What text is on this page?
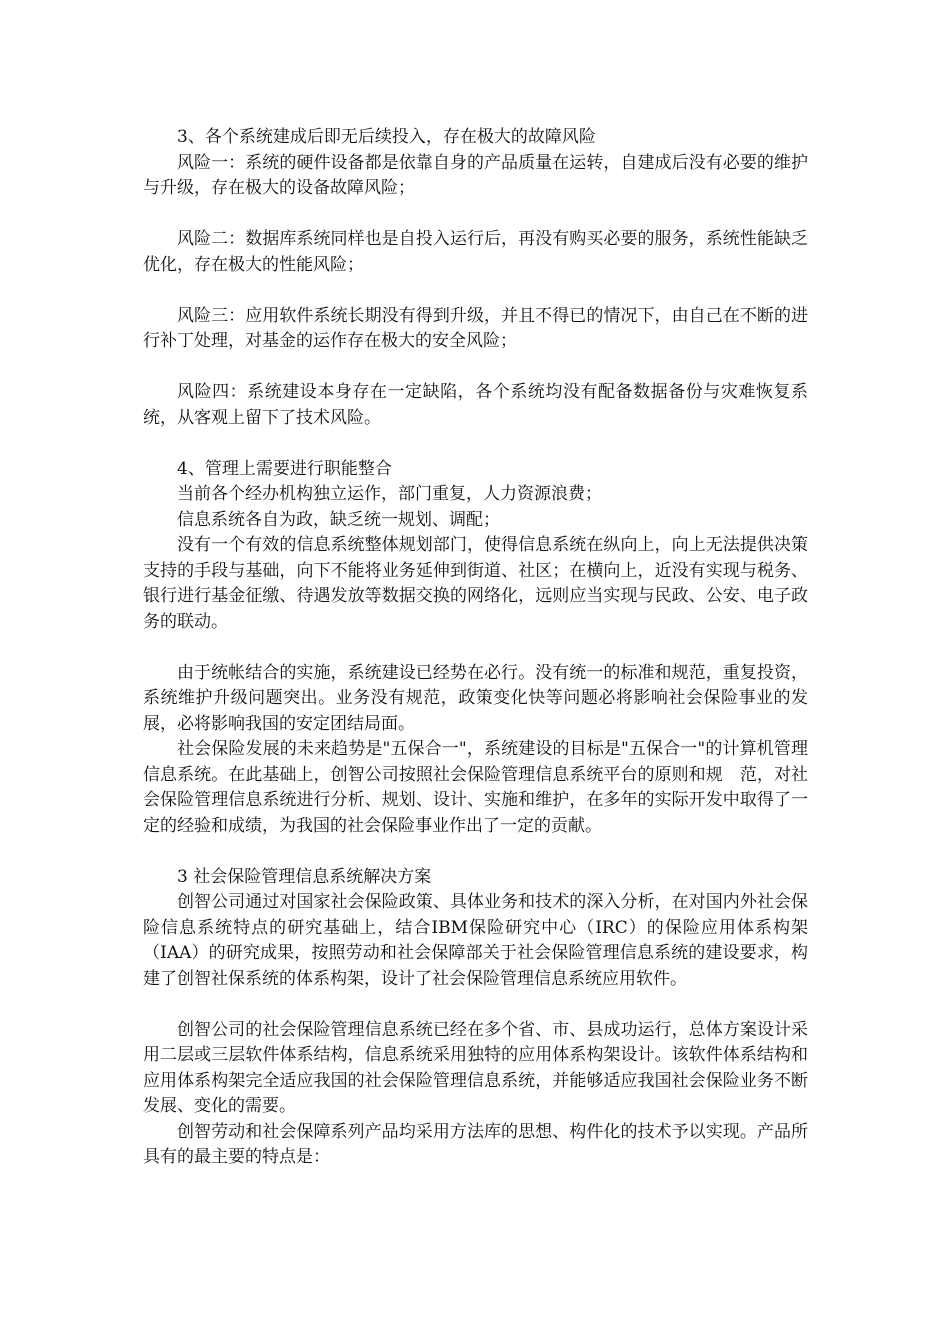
3、各个系统建成后即无后续投入，存在极大的故障风险

风险一：系统的硬件设备都是依靠自身的产品质量在运转，自建成后没有必要的维护与升级，存在极大的设备故障风险；

风险二：数据库系统同样也是自投入运行后，再没有购买必要的服务，系统性能缺乏优化，存在极大的性能风险；

风险三：应用软件系统长期没有得到升级，并且不得已的情况下，由自己在不断的进行补丁处理，对基金的运作存在极大的安全风险；

风险四：系统建设本身存在一定缺陷，各个系统均没有配备数据备份与灾难恢复系统，从客观上留下了技术风险。

4、管理上需要进行职能整合

当前各个经办机构独立运作，部门重复，人力资源浪费；

信息系统各自为政，缺乏统一规划、调配；

没有一个有效的信息系统整体规划部门，使得信息系统在纵向上，向上无法提供决策支持的手段与基础，向下不能将业务延伸到街道、社区；在横向上，近没有实现与税务、银行进行基金征缴、待遇发放等数据交换的网络化，远则应当实现与民政、公安、电子政务的联动。

由于统帐结合的实施，系统建设已经势在必行。没有统一的标准和规范，重复投资，系统维护升级问题突出。业务没有规范，政策变化快等问题必将影响社会保险事业的发展，必将影响我国的安定团结局面。

社会保险发展的未来趋势是"五保合一"，系统建设的目标是"五保合一"的计算机管理信息系统。在此基础上，创智公司按照社会保险管理信息系统平台的原则和规　范，对社会保险管理信息系统进行分析、规划、设计、实施和维护，在多年的实际开发中取得了一定的经验和成绩，为我国的社会保险事业作出了一定的贡献。

3 社会保险管理信息系统解决方案

创智公司通过对国家社会保险政策、具体业务和技术的深入分析，在对国内外社会保险信息系统特点的研究基础上，结合IBM保险研究中心（IRC）的保险应用体系构架（IAA）的研究成果，按照劳动和社会保障部关于社会保险管理信息系统的建设要求，构建了创智社保系统的体系构架，设计了社会保险管理信息系统应用软件。

创智公司的社会保险管理信息系统已经在多个省、市、县成功运行，总体方案设计采用二层或三层软件体系结构，信息系统采用独特的应用体系构架设计。该软件体系结构和应用体系构架完全适应我国的社会保险管理信息系统，并能够适应我国社会保险业务不断发展、变化的需要。

创智劳动和社会保障系列产品均采用方法库的思想、构件化的技术予以实现。产品所具有的最主要的特点是：
